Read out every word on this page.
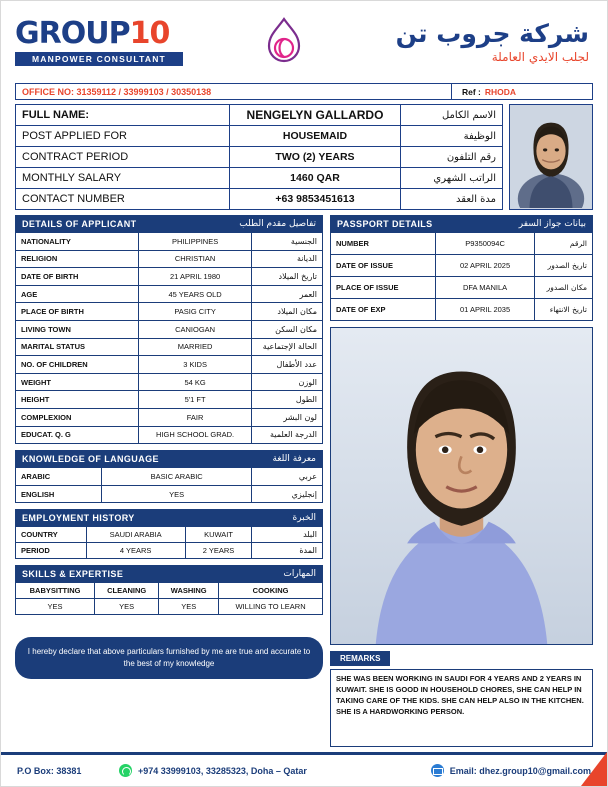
GROUP10
MANPOWER CONSULTANT
شركة جروب تن
لجلب الايدي العاملة
OFFICE NO: 31359112 / 33999103 / 30350138	Ref : RHODA
FULL NAME:	NENGELYN GALLARDO	الاسم الكامل
POST APPLIED FOR	HOUSEMAID	الوظيفة
CONTRACT PERIOD	TWO (2) YEARS	رقم التلفون
MONTHLY SALARY	1460 QAR	الراتب الشهري
CONTACT NUMBER	+63 9853451613	مدة العقد
DETAILS OF APPLICANT	تفاصيل مقدم الطلب
NATIONALITY	PHILIPPINES	الجنسية
RELIGION	CHRISTIAN	الديانة
DATE OF BIRTH	21 APRIL 1980	تاريخ الميلاد
AGE	45 YEARS OLD	العمر
PLACE OF BIRTH	PASIG CITY	مكان الميلاد
LIVING TOWN	CANIOGAN	مكان السكن
MARITAL STATUS	MARRIED	الحالة الإجتماعية
NO. OF CHILDREN	3 KIDS	عدد الأطفال
WEIGHT	54 KG	الوزن
HEIGHT	5'1 FT	الطول
COMPLEXION	FAIR	لون البشر
EDUCAT. Q. G	HIGH SCHOOL GRAD.	الدرجة العلمية
KNOWLEDGE OF LANGUAGE	معرفة اللغة
ARABIC	BASIC ARABIC	عربي
ENGLISH	YES	إنجليزي
EMPLOYMENT HISTORY	الخبرة
COUNTRY	SAUDI ARABIA	KUWAIT	البلد
PERIOD	4 YEARS	2 YEARS	المدة
SKILLS & EXPERTISE	المهارات
BABYSITTING	CLEANING	WASHING	COOKING
YES	YES	YES	WILLING TO LEARN
I hereby declare that above particulars furnished by me are true and accurate to the best of my knowledge
PASSPORT DETAILS	بيانات جواز السفر
NUMBER	P9350094C	الرقم
DATE OF ISSUE	02 APRIL 2025	تاريخ الصدور
PLACE OF ISSUE	DFA MANILA	مكان الصدور
DATE OF EXP	01 APRIL 2035	تاريخ الانتهاء
REMARKS
SHE WAS BEEN WORKING IN SAUDI FOR 4 YEARS AND 2 YEARS IN KUWAIT. SHE IS GOOD IN HOUSEHOLD CHORES, SHE CAN HELP IN TAKING CARE OF THE KIDS. SHE CAN HELP ALSO IN THE KITCHEN. SHE IS A HARDWORKING PERSON.
P.O Box: 38381	+974 33999103, 33285323, Doha – Qatar	Email: dhez.group10@gmail.com
